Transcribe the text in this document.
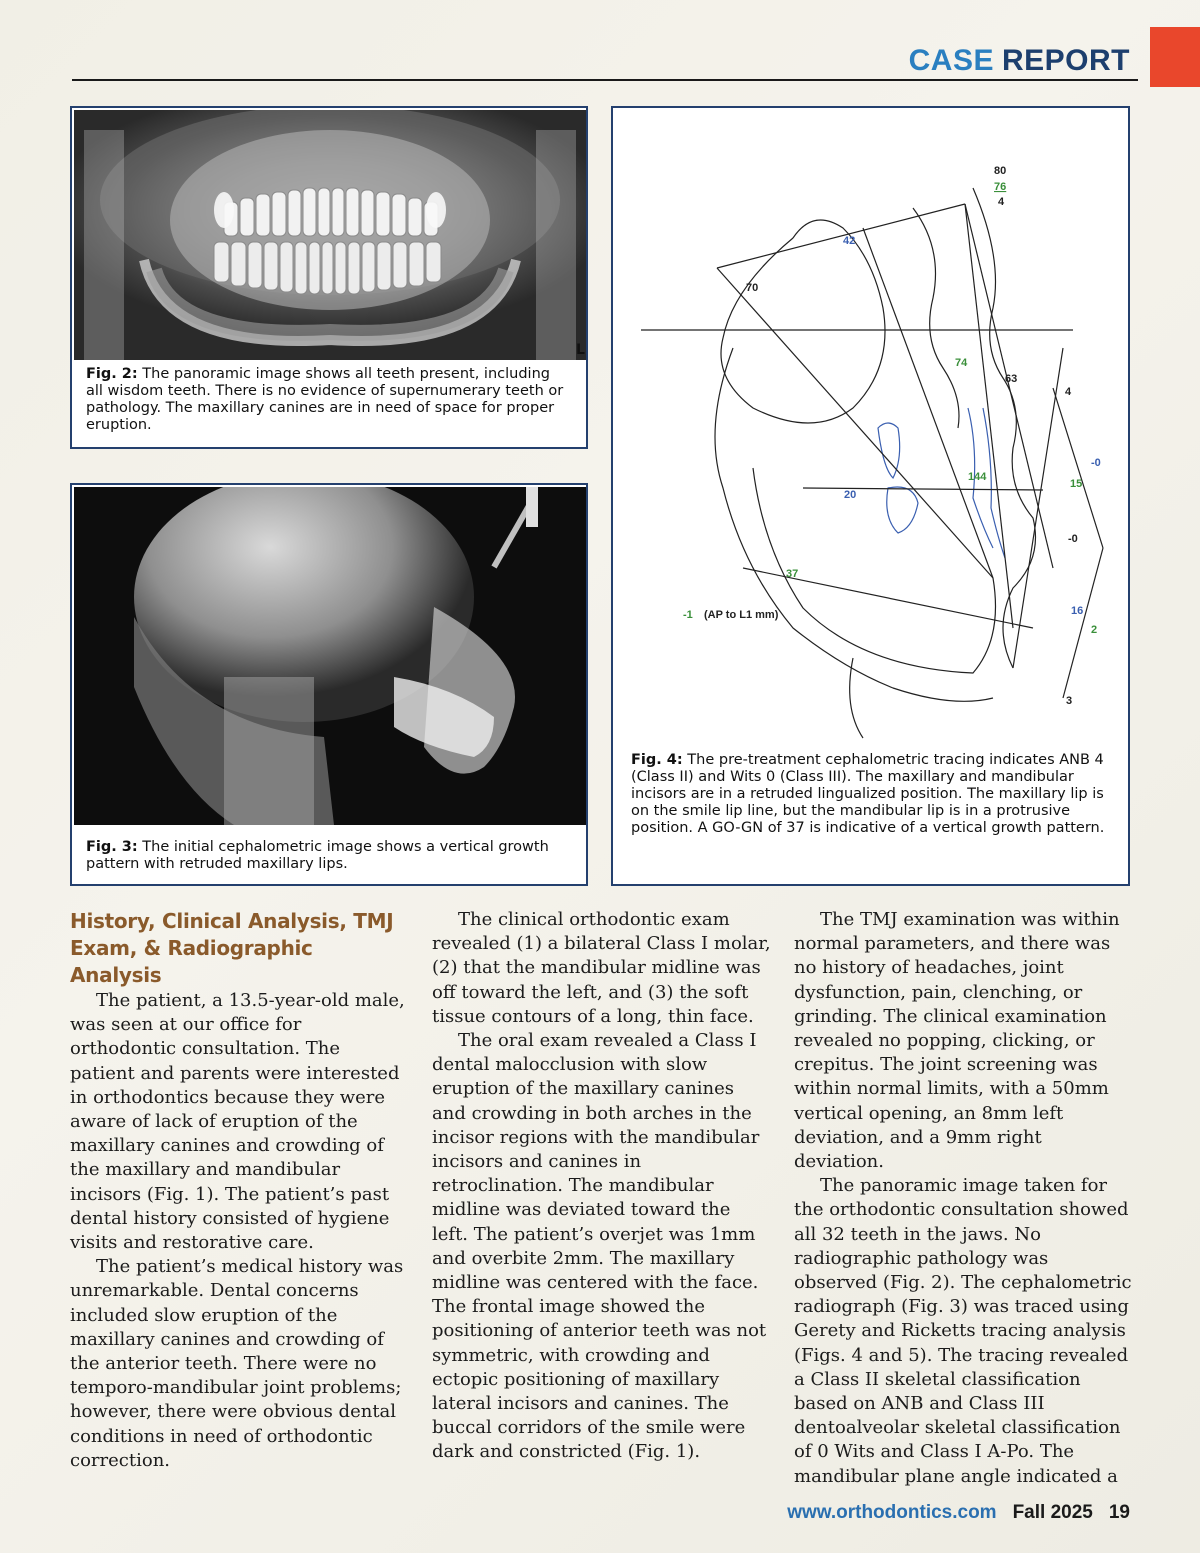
CASE REPORT
L
Fig. 2: The panoramic image shows all teeth present, including all wisdom teeth. There is no evidence of supernumerary teeth or pathology. The maxillary canines are in need of space for proper eruption.
Fig. 3: The initial cephalometric image shows a vertical growth pattern with retruded maxillary lips.
80
76
4
42
70
74
63
4
-0
15
144
20
-0
37
16
2
3
-1 (AP to L1 mm)
Fig. 4: The pre-treatment cephalometric tracing indicates ANB 4 (Class II) and Wits 0 (Class III). The maxillary and mandibular incisors are in a retruded lingualized position. The maxillary lip is on the smile lip line, but the mandibular lip is in a protrusive position. A GO-GN of 37 is indicative of a vertical growth pattern.
History, Clinical Analysis, TMJ
Exam, & Radiographic Analysis

The patient, a 13.5-year-old male, was seen at our office for orthodontic consultation. The patient and parents were interested in orthodontics because they were aware of lack of eruption of the maxillary canines and crowding of the maxillary and mandibular incisors (Fig. 1). The patient’s past dental history consisted of hygiene visits and restorative care.

The patient’s medical history was unremarkable. Dental concerns included slow eruption of the maxillary canines and crowding of the anterior teeth. There were no temporo-mandibular joint problems; however, there were obvious dental conditions in need of orthodontic correction.

The clinical orthodontic exam revealed (1) a bilateral Class I molar, (2) that the mandibular midline was off toward the left, and (3) the soft tissue contours of a long, thin face.

The oral exam revealed a Class I dental malocclusion with slow eruption of the maxillary canines and crowding in both arches in the incisor regions with the mandibular incisors and canines in retroclination. The mandibular midline was deviated toward the left. The patient’s overjet was 1mm and overbite 2mm. The maxillary midline was centered with the face. The frontal image showed the positioning of anterior teeth was not symmetric, with crowding and ectopic positioning of maxillary lateral incisors and canines. The buccal corridors of the smile were dark and constricted (Fig. 1).

The TMJ examination was within normal parameters, and there was no history of headaches, joint dysfunction, pain, clenching, or grinding. The clinical examination revealed no popping, clicking, or crepitus. The joint screening was within normal limits, with a 50mm vertical opening, an 8mm left deviation, and a 9mm right deviation.

The panoramic image taken for the orthodontic consultation showed all 32 teeth in the jaws. No radiographic pathology was observed (Fig. 2). The cephalometric radiograph (Fig. 3) was traced using Gerety and Ricketts tracing analysis (Figs. 4 and 5). The tracing revealed a Class II skeletal classification based on ANB and Class III dentoalveolar skeletal classification of 0 Wits and Class I A-Po. The mandibular plane angle indicated a

www.orthodontics.com Fall 2025 19
